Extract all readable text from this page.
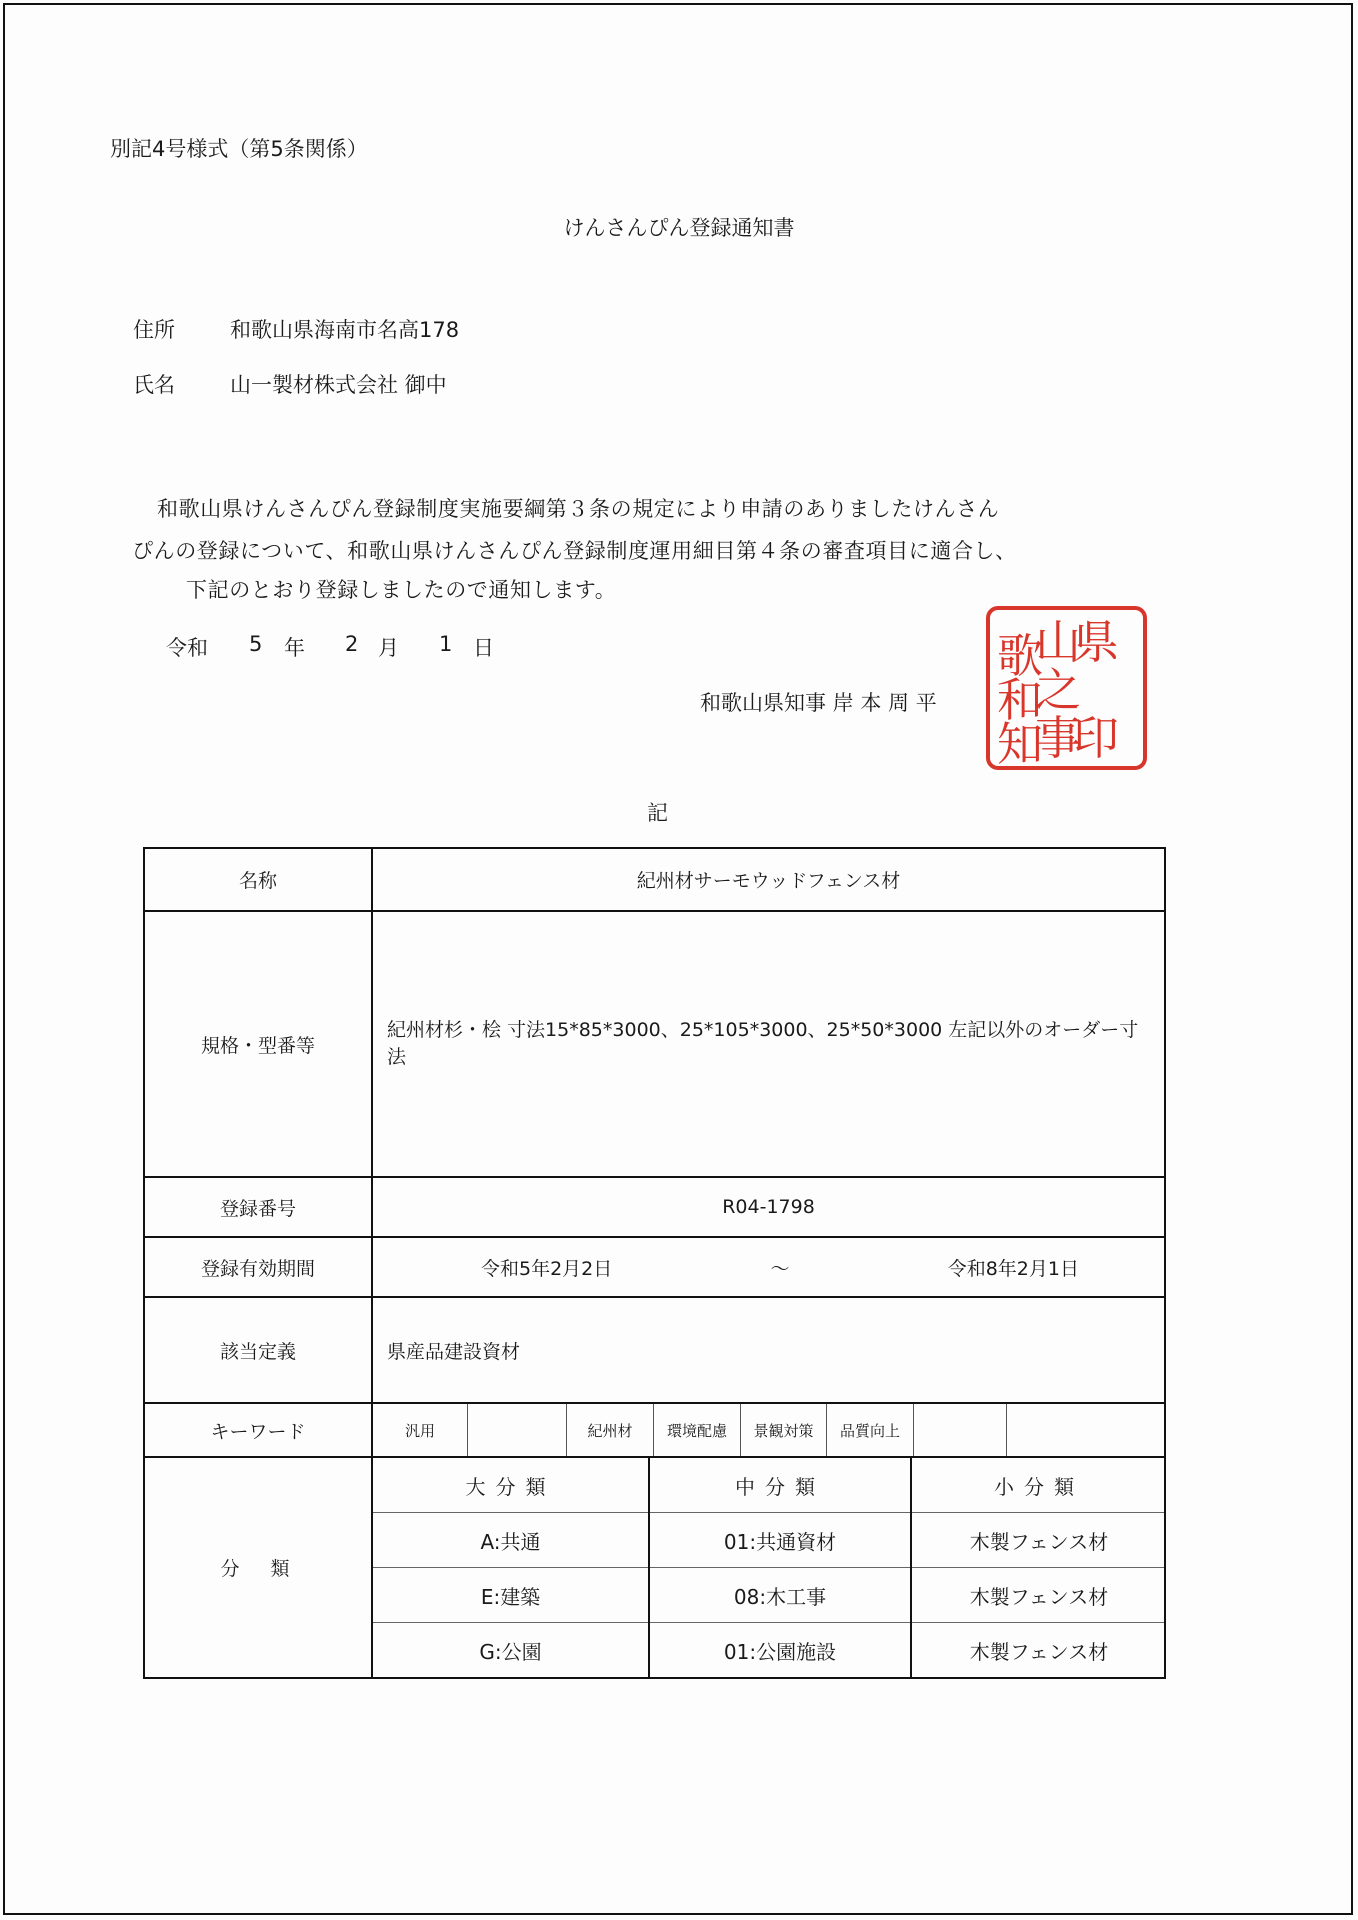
別記4号様式（第5条関係）
けんさんぴん登録通知書
住所	和歌山県海南市名高178
氏名	山一製材株式会社 御中
和歌山県けんさんぴん登録制度実施要綱第３条の規定により申請のありましたけんさん
ぴんの登録について、和歌山県けんさんぴん登録制度運用細目第４条の審査項目に適合し、
下記のとおり登録しましたので通知します。
令和	5	年	2 月	1 日
和歌山県知事 岸 本 周 平
県
印
山
之
歌
事
和
知
記
名称	紀州材サーモウッドフェンス材
規格・型番等	紀州材杉・桧 寸法15*85*3000、25*105*3000、25*50*3000 左記以外のオーダー寸法
登録番号	R04-1798
登録有効期間	令和5年2月2日	～	令和8年2月1日

該当定義	県産品建設資材
キーワード	汎用	紀州材	環境配慮	景観対策	品質向上

分　類	
大分類	中分類	小分類
A:共通	01:共通資材	木製フェンス材
E:建築	08:木工事	木製フェンス材
G:公園	01:公園施設	木製フェンス材
